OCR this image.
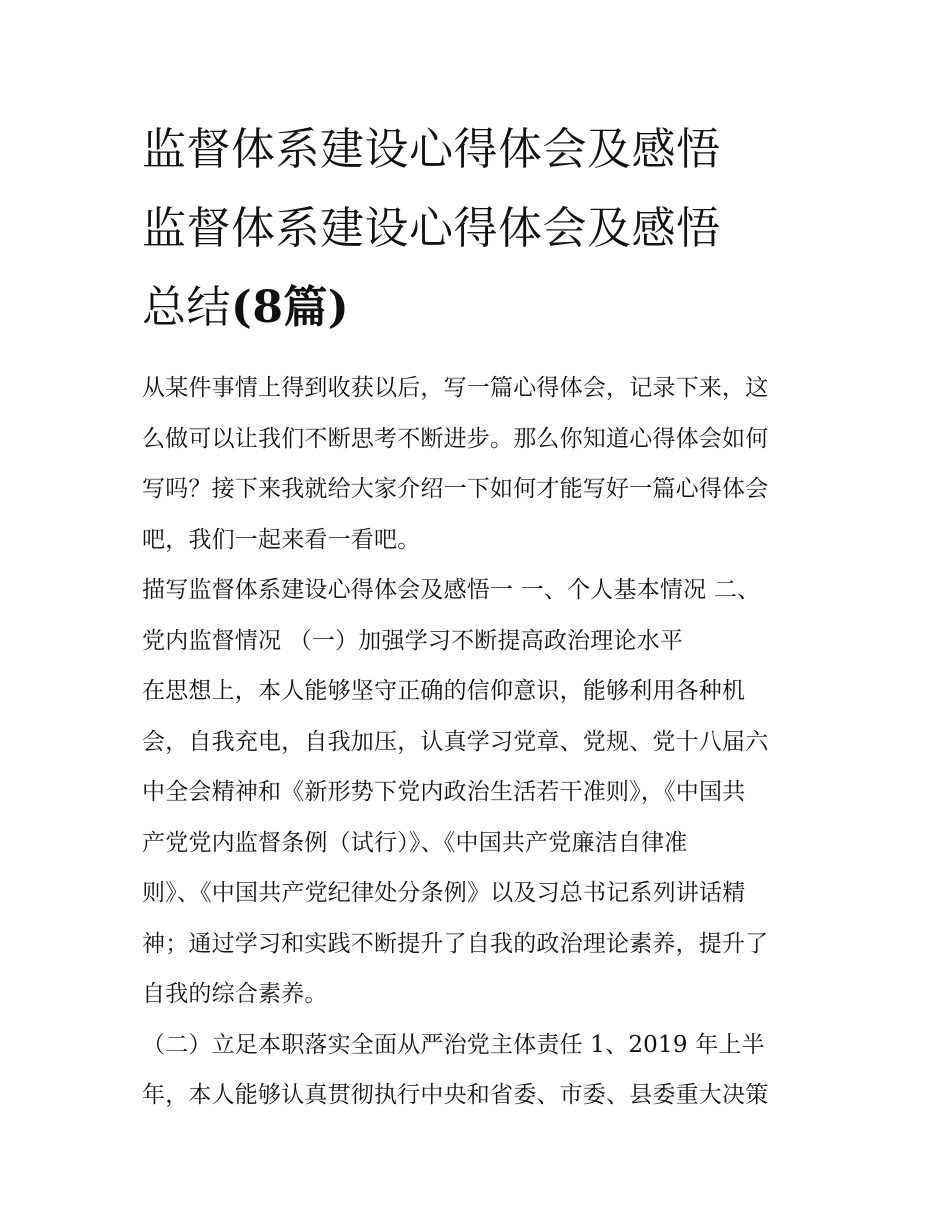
监督体系建设心得体会及感悟
监督体系建设心得体会及感悟
总结(8篇)

从某件事情上得到收获以后，写一篇心得体会，记录下来，这
么做可以让我们不断思考不断进步。那么你知道心得体会如何
写吗？接下来我就给大家介绍一下如何才能写好一篇心得体会
吧，我们一起来看一看吧。

描写监督体系建设心得体会及感悟一 一、个人基本情况 二、
党内监督情况 （一）加强学习不断提高政治理论水平

在思想上，本人能够坚守正确的信仰意识，能够利用各种机
会，自我充电，自我加压，认真学习党章、党规、党十八届六
中全会精神和《新形势下党内政治生活若干准则》，《中国共
产党党内监督条例（试行）》、《中国共产党廉洁自律准
则》、《中国共产党纪律处分条例》以及习总书记系列讲话精
神；通过学习和实践不断提升了自我的政治理论素养，提升了
自我的综合素养。

（二）立足本职落实全面从严治党主体责任 1、2019 年上半
年，本人能够认真贯彻执行中央和省委、市委、县委重大决策
